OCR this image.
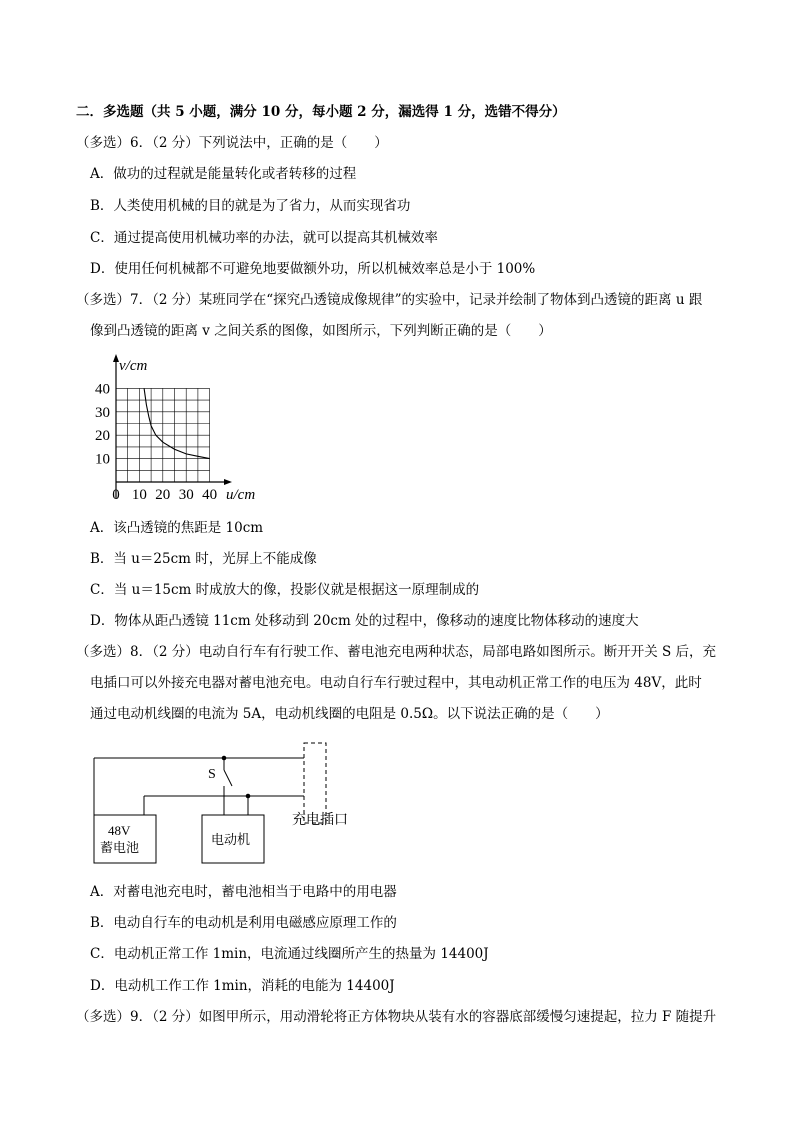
二．多选题（共 5 小题，满分 10 分，每小题 2 分，漏选得 1 分，选错不得分）
（多选）6．（2 分）下列说法中，正确的是（　　）
A．做功的过程就是能量转化或者转移的过程
B．人类使用机械的目的就是为了省力，从而实现省功
C．通过提高使用机械功率的办法，就可以提高其机械效率
D．使用任何机械都不可避免地要做额外功，所以机械效率总是小于 100%
（多选）7．（2 分）某班同学在“探究凸透镜成像规律”的实验中，记录并绘制了物体到凸透镜的距离 u 跟
像到凸透镜的距离 v 之间关系的图像，如图所示，下列判断正确的是（　　）
0 10 20 30 40
10
20
30
40
v/cm
u/cm
A．该凸透镜的焦距是 10cm
B．当 u＝25cm 时，光屏上不能成像
C．当 u＝15cm 时成放大的像，投影仪就是根据这一原理制成的
D．物体从距凸透镜 11cm 处移动到 20cm 处的过程中，像移动的速度比物体移动的速度大
（多选）8．（2 分）电动自行车有行驶工作、蓄电池充电两种状态，局部电路如图所示。断开开关 S 后，充
电插口可以外接充电器对蓄电池充电。电动自行车行驶过程中，其电动机正常工作的电压为 48V，此时
通过电动机线圈的电流为 5A，电动机线圈的电阻是 0.5Ω。以下说法正确的是（　　）
S
48V
蓄电池
电动机
充电插口
A．对蓄电池充电时，蓄电池相当于电路中的用电器
B．电动自行车的电动机是利用电磁感应原理工作的
C．电动机正常工作 1min，电流通过线圈所产生的热量为 14400J
D．电动机工作工作 1min，消耗的电能为 14400J
（多选）9．（2 分）如图甲所示，用动滑轮将正方体物块从装有水的容器底部缓慢匀速提起，拉力 F 随提升
